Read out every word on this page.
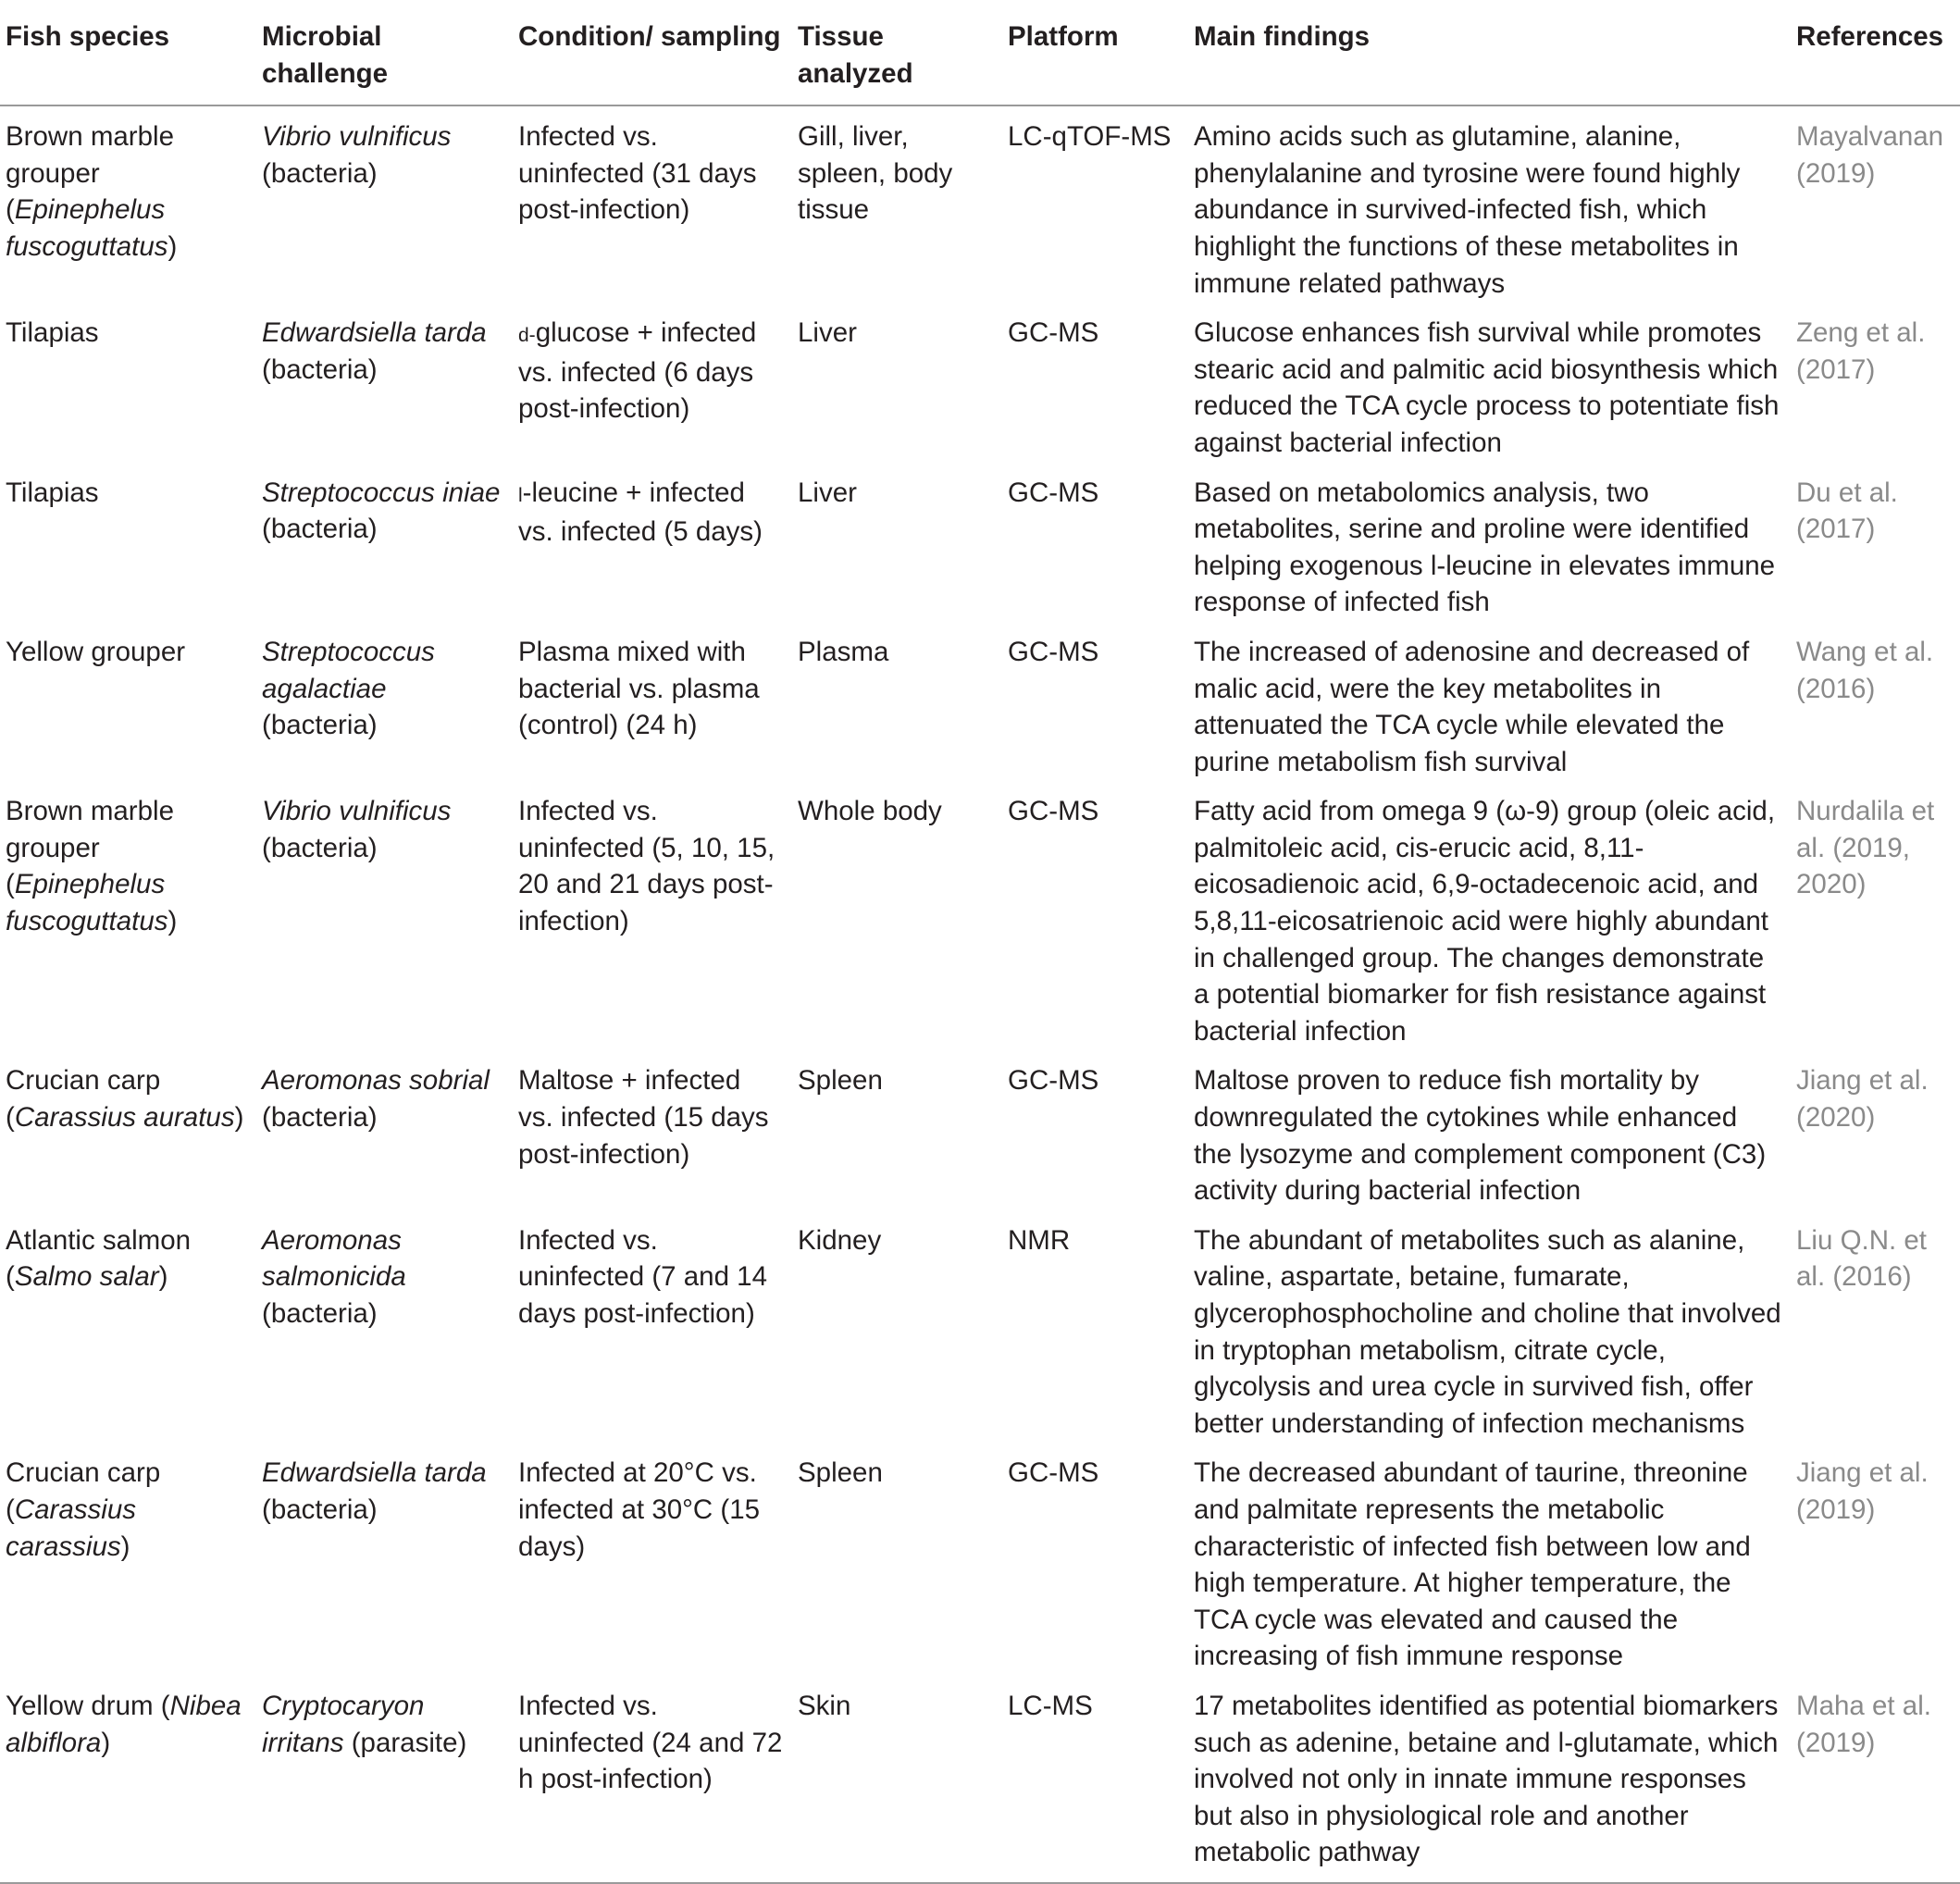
Fish species	Microbial challenge	Condition/ sampling	Tissue analyzed	Platform	Main findings	References
Brown marble grouper (Epinephelus fuscoguttatus)	Vibrio vulnificus (bacteria)	Infected vs. uninfected (31 days post-infection)	Gill, liver, spleen, body tissue	LC-qTOF-MS	Amino acids such as glutamine, alanine, phenylalanine and tyrosine were found highly abundance in survived-infected fish, which highlight the functions of these metabolites in immune related pathways	Mayalvanan (2019)
Tilapias	Edwardsiella tarda (bacteria)	d-glucose + infected vs. infected (6 days post-infection)	Liver	GC-MS	Glucose enhances fish survival while promotes stearic acid and palmitic acid biosynthesis which reduced the TCA cycle process to potentiate fish against bacterial infection	Zeng et al. (2017)
Tilapias	Streptococcus iniae (bacteria)	l-leucine + infected vs. infected (5 days)	Liver	GC-MS	Based on metabolomics analysis, two metabolites, serine and proline were identified helping exogenous l-leucine in elevates immune response of infected fish	Du et al. (2017)
Yellow grouper	Streptococcus agalactiae (bacteria)	Plasma mixed with bacterial vs. plasma (control) (24 h)	Plasma	GC-MS	The increased of adenosine and decreased of malic acid, were the key metabolites in attenuated the TCA cycle while elevated the purine metabolism fish survival	Wang et al. (2016)
Brown marble grouper (Epinephelus fuscoguttatus)	Vibrio vulnificus (bacteria)	Infected vs. uninfected (5, 10, 15, 20 and 21 days post-infection)	Whole body	GC-MS	Fatty acid from omega 9 (ω-9) group (oleic acid, palmitoleic acid, cis-erucic acid, 8,11-eicosadienoic acid, 6,9-octadecenoic acid, and 5,8,11-eicosatrienoic acid were highly abundant in challenged group. The changes demonstrate a potential biomarker for fish resistance against bacterial infection	Nurdalila et al. (2019, 2020)
Crucian carp (Carassius auratus)	Aeromonas sobrial (bacteria)	Maltose + infected vs. infected (15 days post-infection)	Spleen	GC-MS	Maltose proven to reduce fish mortality by downregulated the cytokines while enhanced the lysozyme and complement component (C3) activity during bacterial infection	Jiang et al. (2020)
Atlantic salmon (Salmo salar)	Aeromonas salmonicida (bacteria)	Infected vs. uninfected (7 and 14 days post-infection)	Kidney	NMR	The abundant of metabolites such as alanine, valine, aspartate, betaine, fumarate, glycerophosphocholine and choline that involved in tryptophan metabolism, citrate cycle, glycolysis and urea cycle in survived fish, offer better understanding of infection mechanisms	Liu Q.N. et al. (2016)
Crucian carp (Carassius carassius)	Edwardsiella tarda (bacteria)	Infected at 20°C vs. infected at 30°C (15 days)	Spleen	GC-MS	The decreased abundant of taurine, threonine and palmitate represents the metabolic characteristic of infected fish between low and high temperature. At higher temperature, the TCA cycle was elevated and caused the increasing of fish immune response	Jiang et al. (2019)
Yellow drum (Nibea albiflora)	Cryptocaryon irritans (parasite)	Infected vs. uninfected (24 and 72 h post-infection)	Skin	LC-MS	17 metabolites identified as potential biomarkers such as adenine, betaine and l-glutamate, which involved not only in innate immune responses but also in physiological role and another metabolic pathway	Maha et al. (2019)
